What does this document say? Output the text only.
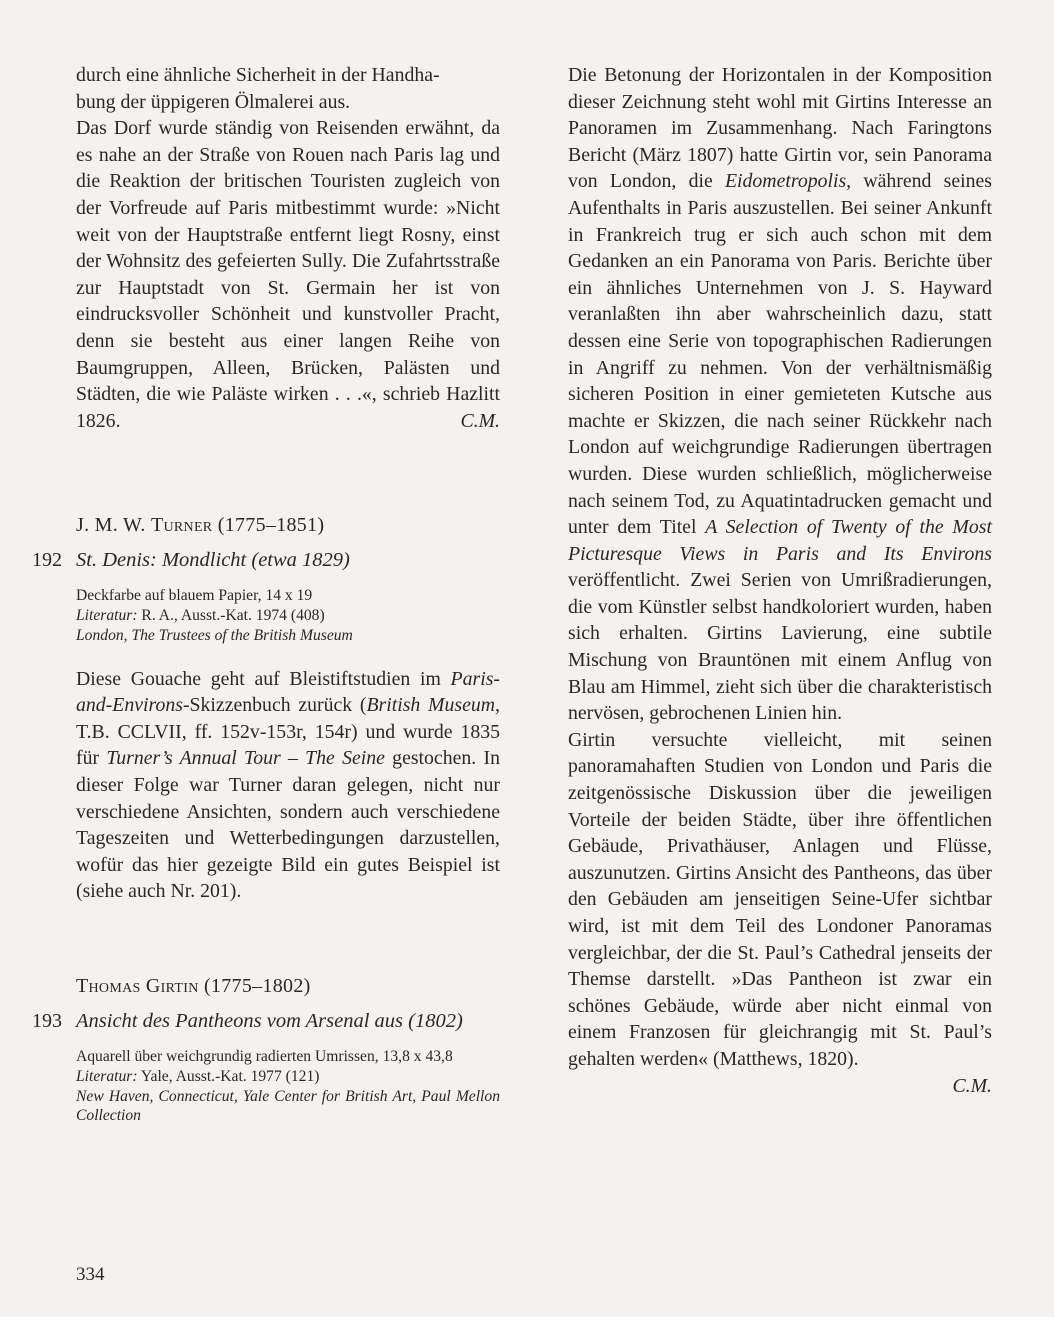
durch eine ähnliche Sicherheit in der Handha-
bung der üppigeren Ölmalerei aus.

Das Dorf wurde ständig von Reisenden erwähnt, da es nahe an der Straße von Rouen nach Paris lag und die Reaktion der britischen Touristen zugleich von der Vorfreude auf Paris mitbestimmt wurde: »Nicht weit von der Hauptstraße entfernt liegt Rosny, einst der Wohnsitz des gefeierten Sully. Die Zufahrtsstraße zur Hauptstadt von St. Germain her ist von eindrucksvoller Schönheit und kunstvoller Pracht, denn sie besteht aus einer langen Reihe von Baumgruppen, Alleen, Brücken, Palästen und Städten, die wie Paläste wirken . . .«, schrieb Hazlitt 1826.	C.M.

J. M. W. Turner (1775–1851)

192 St. Denis: Mondlicht (etwa 1829)

Deckfarbe auf blauem Papier, 14 x 19
Literatur: R. A., Ausst.-Kat. 1974 (408)
London, The Trustees of the British Museum

Diese Gouache geht auf Bleistiftstudien im Paris-and-Environs-Skizzenbuch zurück (British Museum, T.B. CCLVII, ff. 152v-153r, 154r) und wurde 1835 für Turner’s Annual Tour – The Seine gestochen. In dieser Folge war Turner daran gelegen, nicht nur verschiedene Ansichten, sondern auch verschiedene Tageszeiten und Wetterbedingungen darzustellen, wofür das hier gezeigte Bild ein gutes Beispiel ist (siehe auch Nr. 201).

Thomas Girtin (1775–1802)

193 Ansicht des Pantheons vom Arsenal aus (1802)

Aquarell über weichgrundig radierten Umrissen, 13,8 x 43,8
Literatur: Yale, Ausst.-Kat. 1977 (121)
New Haven, Connecticut, Yale Center for British Art, Paul Mellon Collection

Die Betonung der Horizontalen in der Komposition dieser Zeichnung steht wohl mit Girtins Interesse an Panoramen im Zusammenhang. Nach Faringtons Bericht (März 1807) hatte Girtin vor, sein Panorama von London, die Eidometropolis, während seines Aufenthalts in Paris auszustellen. Bei seiner Ankunft in Frankreich trug er sich auch schon mit dem Gedanken an ein Panorama von Paris. Berichte über ein ähnliches Unternehmen von J. S. Hayward veranlaßten ihn aber wahrscheinlich dazu, statt dessen eine Serie von topographischen Radierungen in Angriff zu nehmen. Von der verhältnismäßig sicheren Position in einer gemieteten Kutsche aus machte er Skizzen, die nach seiner Rückkehr nach London auf weichgrundige Radierungen übertragen wurden. Diese wurden schließlich, möglicherweise nach seinem Tod, zu Aquatintadrucken gemacht und unter dem Titel A Selection of Twenty of the Most Picturesque Views in Paris and Its Environs veröffentlicht. Zwei Serien von Umrißradierungen, die vom Künstler selbst handkoloriert wurden, haben sich erhalten. Girtins Lavierung, eine subtile Mischung von Brauntönen mit einem Anflug von Blau am Himmel, zieht sich über die charakteristisch nervösen, gebrochenen Linien hin.

Girtin versuchte vielleicht, mit seinen panoramahaften Studien von London und Paris die zeitgenössische Diskussion über die jeweiligen Vorteile der beiden Städte, über ihre öffentlichen Gebäude, Privathäuser, Anlagen und Flüsse, auszunutzen. Girtins Ansicht des Pantheons, das über den Gebäuden am jenseitigen Seine-Ufer sichtbar wird, ist mit dem Teil des Londoner Panoramas vergleichbar, der die St. Paul’s Cathedral jenseits der Themse darstellt. »Das Pantheon ist zwar ein schönes Gebäude, würde aber nicht einmal von einem Franzosen für gleichrangig mit St. Paul’s gehalten werden« (Matthews, 1820).

C.M.
334
